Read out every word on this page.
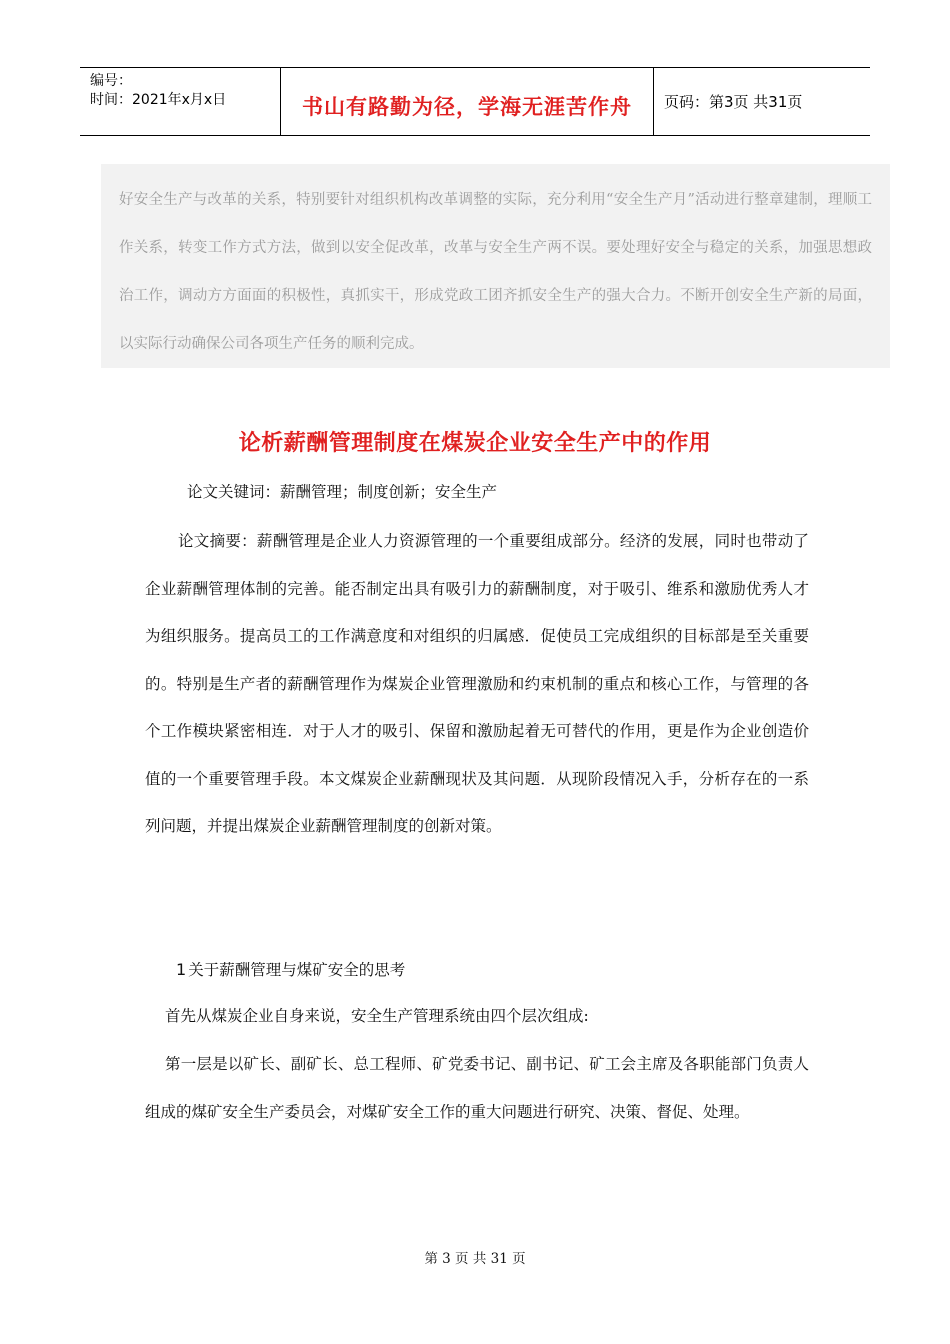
编号：
时间：2021年x月x日	书山有路勤为径，学海无涯苦作舟 页码：第3页 共31页

好安全生产与改革的关系，特别要针对组织机构改革调整的实际，充分利用“安全生产月”活动进行整章建制，理顺工作关系，转变工作方式方法，做到以安全促改革，改革与安全生产两不误。要处理好安全与稳定的关系，加强思想政治工作，调动方方面面的积极性，真抓实干，形成党政工团齐抓安全生产的强大合力。不断开创安全生产新的局面，以实际行动确保公司各项生产任务的顺利完成。

论析薪酬管理制度在煤炭企业安全生产中的作用
论文关键词：薪酬管理；制度创新；安全生产

论文摘要：薪酬管理是企业人力资源管理的一个重要组成部分。经济的发展，同时也带动了企业薪酬管理体制的完善。能否制定出具有吸引力的薪酬制度，对于吸引、维系和激励优秀人才为组织服务。提高员工的工作满意度和对组织的归属感．促使员工完成组织的目标部是至关重要的。特别是生产者的薪酬管理作为煤炭企业管理激励和约束机制的重点和核心工作，与管理的各个工作模块紧密相连．对于人才的吸引、保留和激励起着无可替代的作用，更是作为企业创造价值的一个重要管理手段。本文煤炭企业薪酬现状及其问题．从现阶段情况入手，分析存在的一系列问题，并提出煤炭企业薪酬管理制度的创新对策。

1 关于薪酬管理与煤矿安全的思考
首先从煤炭企业自身来说，安全生产管理系统由四个层次组成:

第一层是以矿长、副矿长、总工程师、矿党委书记、副书记、矿工会主席及各职能部门负责人组成的煤矿安全生产委员会，对煤矿安全工作的重大问题进行研究、决策、督促、处理。

第 3 页 共 31 页
